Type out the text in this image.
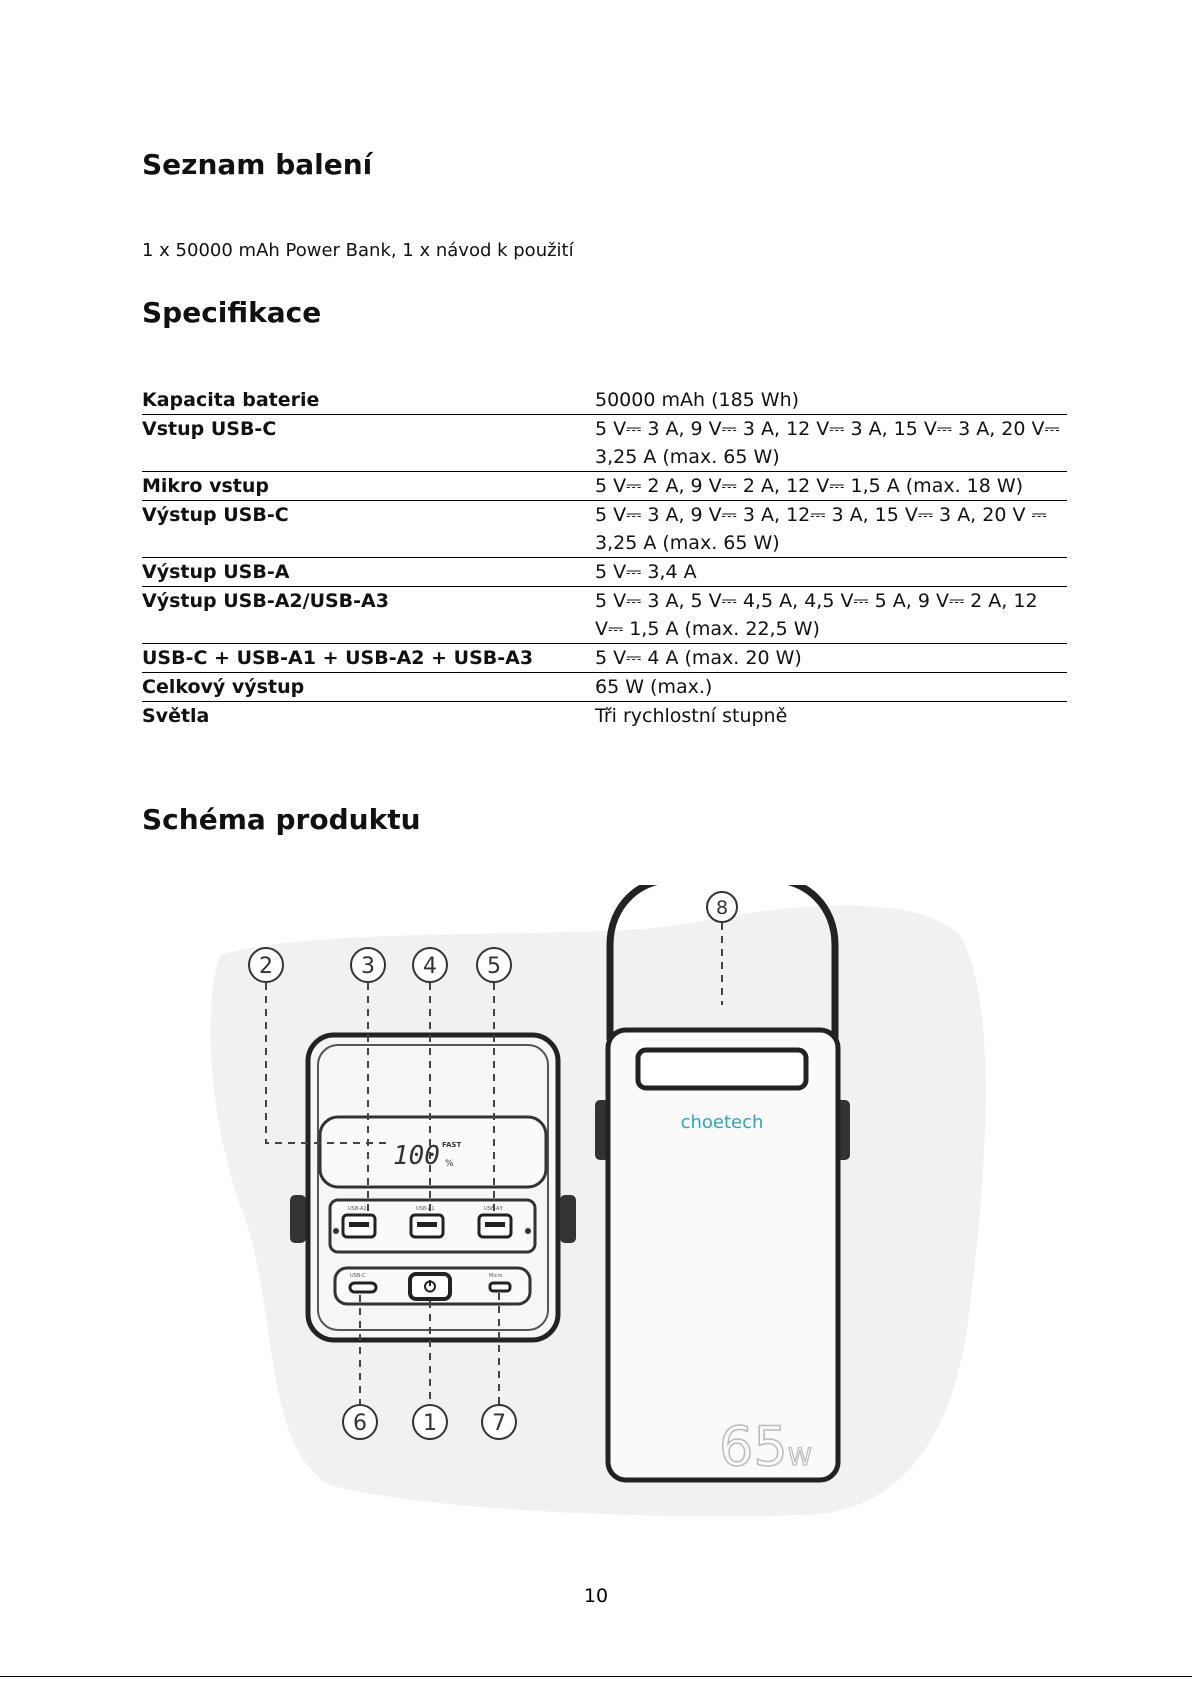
Seznam balení

1 x 50000 mAh Power Bank, 1 x návod k použití

Specifikace
Kapacita baterie	50000 mAh (185 Wh)
Vstup USB-C	5 V⎓ 3 A, 9 V⎓ 3 A, 12 V⎓ 3 A, 15 V⎓ 3 A, 20 V⎓ 3,25 A (max. 65 W)
Mikro vstup	5 V⎓ 2 A, 9 V⎓ 2 A, 12 V⎓ 1,5 A (max. 18 W)
Výstup USB-C	5 V⎓ 3 A, 9 V⎓ 3 A, 12⎓ 3 A, 15 V⎓ 3 A, 20 V ⎓ 3,25 A (max. 65 W)
Výstup USB-A	5 V⎓ 3,4 A
Výstup USB-A2/USB-A3	5 V⎓ 3 A, 5 V⎓ 4,5 A, 4,5 V⎓ 5 A, 9 V⎓ 2 A, 12 V⎓ 1,5 A (max. 22,5 W)
USB-C + USB-A1 + USB-A2 + USB-A3	5 V⎓ 4 A (max. 20 W)
Celkový výstup	65 W (max.)
Světla	Tři rychlostní stupně
Schéma produktu
100 FAST
%
USB-A2	USB-A1	USB-A3
USB-C	Micro
2	3 4 5
8
6	1	7
choetech
65 W
10
